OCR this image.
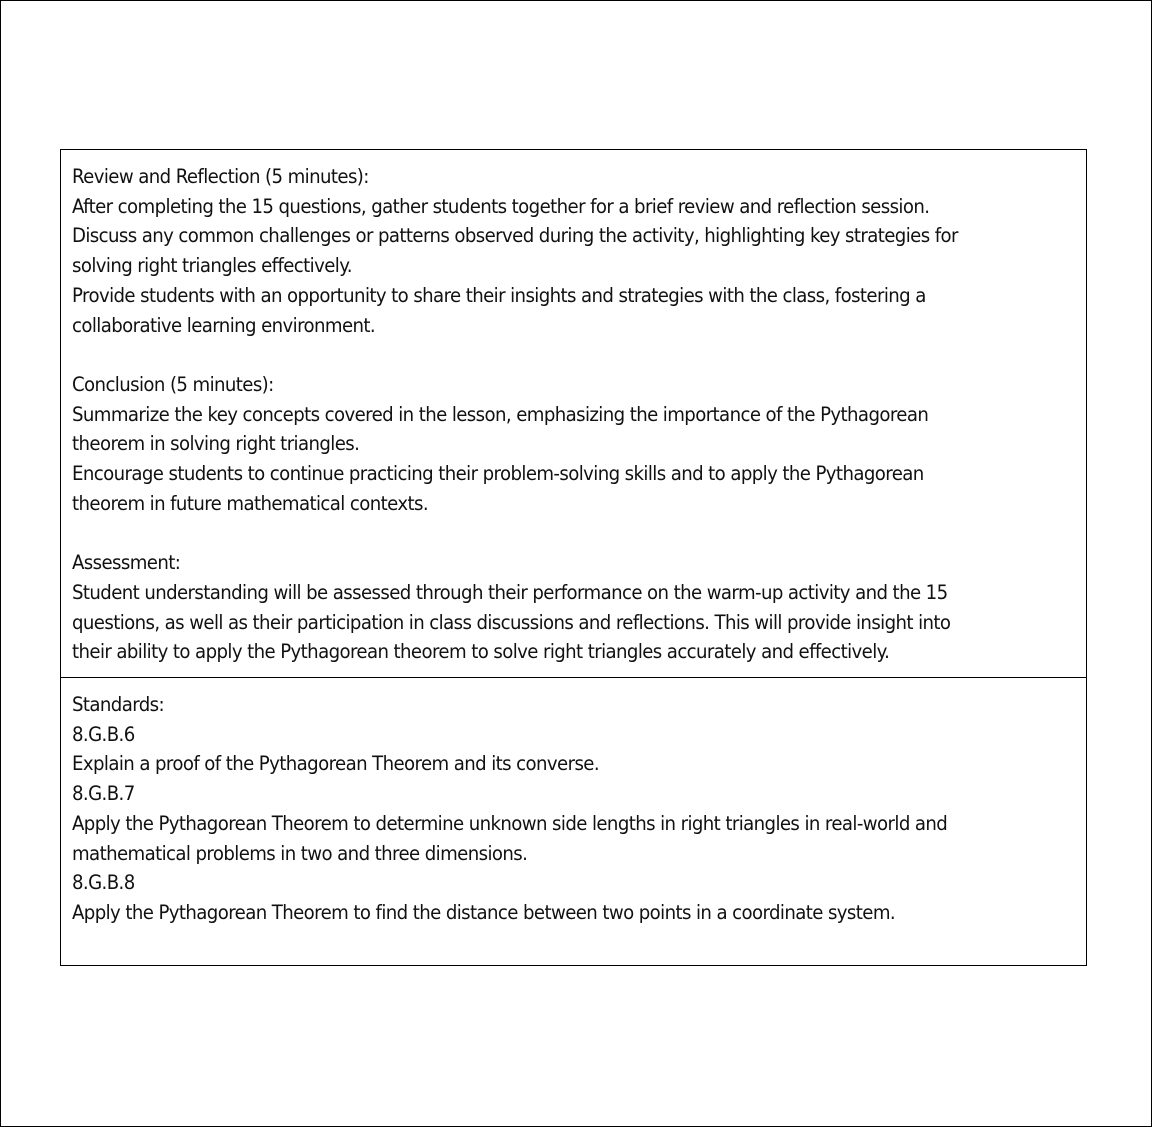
Review and Reflection (5 minutes):
After completing the 15 questions, gather students together for a brief review and reflection session.
Discuss any common challenges or patterns observed during the activity, highlighting key strategies for
solving right triangles effectively.
Provide students with an opportunity to share their insights and strategies with the class, fostering a
collaborative learning environment.
Conclusion (5 minutes):
Summarize the key concepts covered in the lesson, emphasizing the importance of the Pythagorean
theorem in solving right triangles.
Encourage students to continue practicing their problem-solving skills and to apply the Pythagorean
theorem in future mathematical contexts.
Assessment:
Student understanding will be assessed through their performance on the warm-up activity and the 15
questions, as well as their participation in class discussions and reflections. This will provide insight into
their ability to apply the Pythagorean theorem to solve right triangles accurately and effectively.
Standards:
8.G.B.6
Explain a proof of the Pythagorean Theorem and its converse.
8.G.B.7
Apply the Pythagorean Theorem to determine unknown side lengths in right triangles in real-world and
mathematical problems in two and three dimensions.
8.G.B.8
Apply the Pythagorean Theorem to find the distance between two points in a coordinate system.
